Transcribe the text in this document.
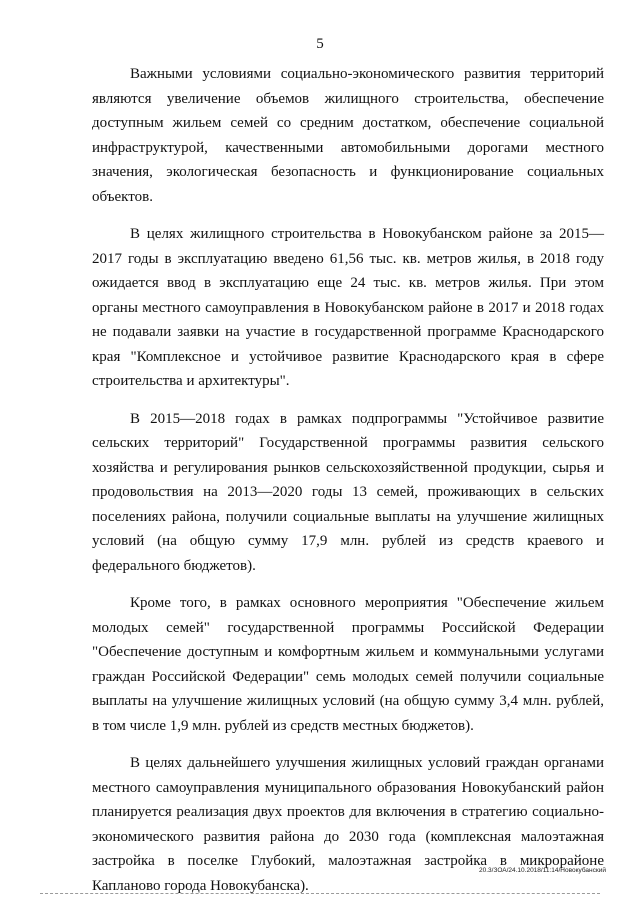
5

Важными условиями социально-экономического развития территорий являются увеличение объемов жилищного строительства, обеспечение доступным жильем семей со средним достатком, обеспечение социальной инфраструктурой, качественными автомобильными дорогами местного значения, экологическая безопасность и функционирование социальных объектов.

В целях жилищного строительства в Новокубанском районе за 2015—2017 годы в эксплуатацию введено 61,56 тыс. кв. метров жилья, в 2018 году ожидается ввод в эксплуатацию еще 24 тыс. кв. метров жилья. При этом органы местного самоуправления в Новокубанском районе в 2017 и 2018 годах не подавали заявки на участие в государственной программе Краснодарского края "Комплексное и устойчивое развитие Краснодарского края в сфере строительства и архитектуры".

В 2015—2018 годах в рамках подпрограммы "Устойчивое развитие сельских территорий" Государственной программы развития сельского хозяйства и регулирования рынков сельскохозяйственной продукции, сырья и продовольствия на 2013—2020 годы 13 семей, проживающих в сельских поселениях района, получили социальные выплаты на улучшение жилищных условий (на общую сумму 17,9 млн. рублей из средств краевого и федерального бюджетов).

Кроме того, в рамках основного мероприятия "Обеспечение жильем молодых семей" государственной программы Российской Федерации "Обеспечение доступным и комфортным жильем и коммунальными услугами граждан Российской Федерации" семь молодых семей получили социальные выплаты на улучшение жилищных условий (на общую сумму 3,4 млн. рублей, в том числе 1,9 млн. рублей из средств местных бюджетов).

В целях дальнейшего улучшения жилищных условий граждан органами местного самоуправления муниципального образования Новокубанский район планируется реализация двух проектов для включения в стратегию социально-экономического развития района до 2030 года (комплексная малоэтажная застройка в поселке Глубокий, малоэтажная застройка в микрорайоне Каплановo города Новокубанска).

20.3/ЗОА/24.10.2018/11:14/Новокубанский
